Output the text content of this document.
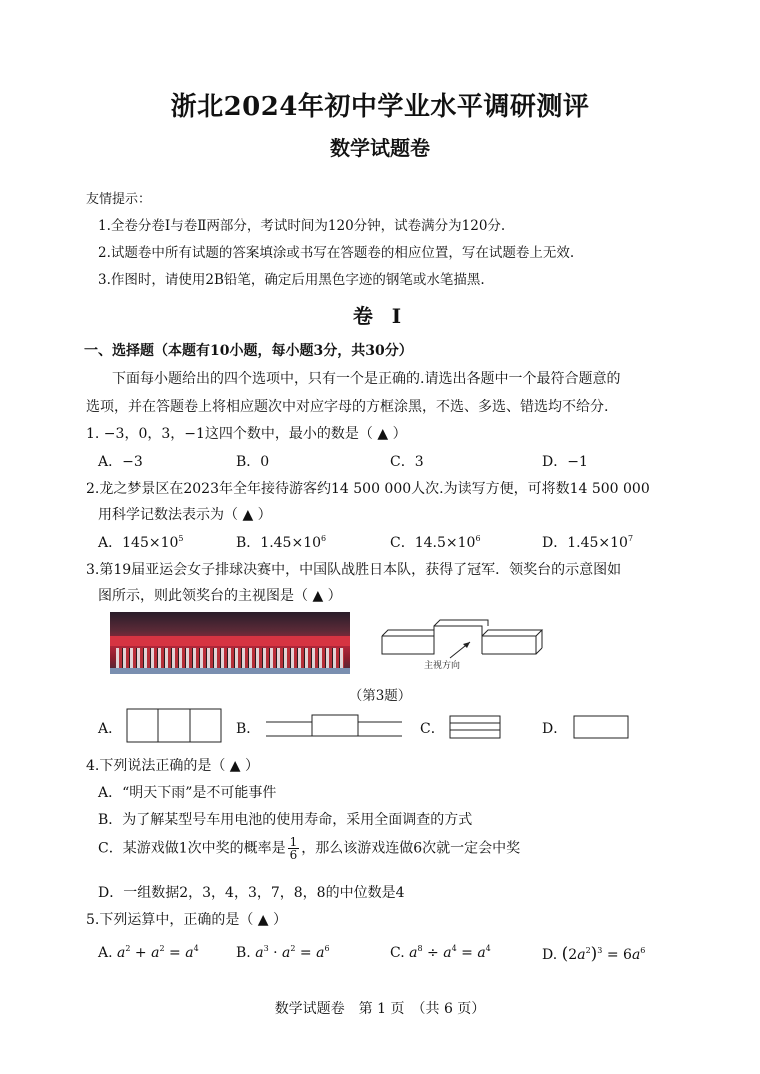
浙北2024年初中学业水平调研测评
数学试题卷
友情提示：
1.全卷分卷Ⅰ与卷Ⅱ两部分，考试时间为120分钟，试卷满分为120分.
2.试题卷中所有试题的答案填涂或书写在答题卷的相应位置，写在试题卷上无效.
3.作图时，请使用2B铅笔，确定后用黑色字迹的钢笔或水笔描黑.
卷 Ⅰ
一、选择题（本题有10小题，每小题3分，共30分）
下面每小题给出的四个选项中，只有一个是正确的.请选出各题中一个最符合题意的
选项，并在答题卷上将相应题次中对应字母的方框涂黑，不选、多选、错选均不给分.
1. −3，0，3，−1这四个数中，最小的数是（ ▲ ）
A．−3	B．0	C．3	D．−1
2.龙之梦景区在2023年全年接待游客约14 500 000人次.为读写方便，可将数14 500 000
用科学记数法表示为（ ▲ ）
A．$145\times 10^5$	B．$1.45\times 10^6$	C．$14.5\times 10^6$	D．$1.45\times 10^7$
3.第19届亚运会女子排球决赛中，中国队战胜日本队，获得了冠军．领奖台的示意图如
图所示，则此领奖台的主视图是（ ▲ ）
主视方向
（第3题）
A．	B．	C．	D．
4.下列说法正确的是（ ▲ ）
A．“明天下雨”是不可能事件
B．为了解某型号车用电池的使用寿命，采用全面调查的方式
C．某游戏做1次中奖的概率是 $\frac{1}{6}$ ，那么该游戏连做6次就一定会中奖
D．一组数据2，3，4，3，7，8，8的中位数是4
5.下列运算中，正确的是（ ▲ ）
A. $a^2 + a^2 = a^4$	B. $a^3 \cdot a^2 = a^6$	C. $a^8 \div a^4 = a^4$	D. $(2a^2)^3 = 6a^6$
数学试题卷　第 1 页　（共 6 页）
